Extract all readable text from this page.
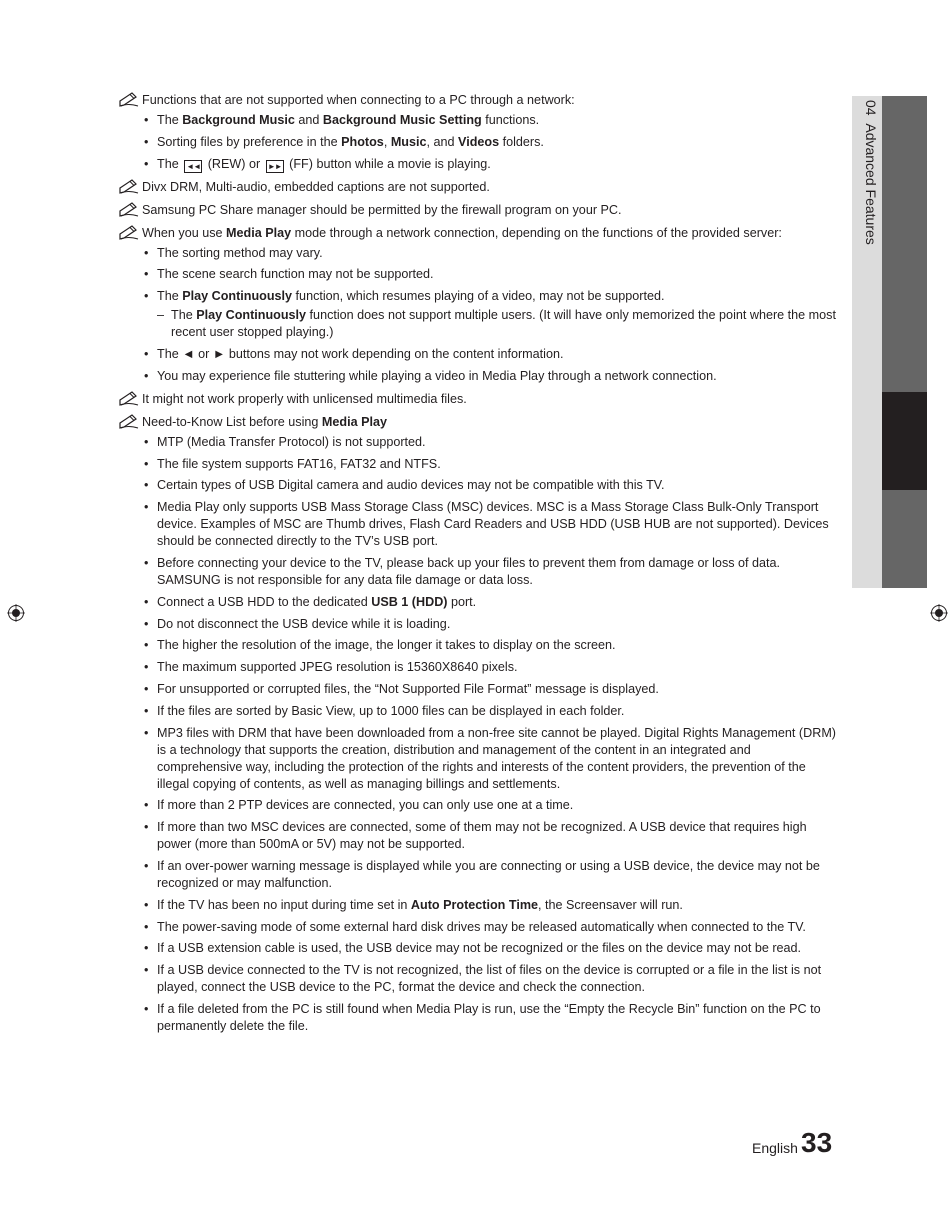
04  Advanced Features
Functions that are not supported when connecting to a PC through a network:
• The Background Music and Background Music Setting functions.
• Sorting files by preference in the Photos, Music, and Videos folders.
• The ◄◄ (REW) or ►► (FF) button while a movie is playing.
Divx DRM, Multi-audio, embedded captions are not supported.
Samsung PC Share manager should be permitted by the firewall program on your PC.
When you use Media Play mode through a network connection, depending on the functions of the provided server:
• The sorting method may vary.
• The scene search function may not be supported.
• The Play Continuously function, which resumes playing of a video, may not be supported.
– The Play Continuously function does not support multiple users. (It will have only memorized the point where the most recent user stopped playing.)
• The ◄ or ► buttons may not work depending on the content information.
• You may experience file stuttering while playing a video in Media Play through a network connection.
It might not work properly with unlicensed multimedia files.
Need-to-Know List before using Media Play
• MTP (Media Transfer Protocol) is not supported.
• The file system supports FAT16, FAT32 and NTFS.
• Certain types of USB Digital camera and audio devices may not be compatible with this TV.
• Media Play only supports USB Mass Storage Class (MSC) devices. MSC is a Mass Storage Class Bulk-Only Transport device. Examples of MSC are Thumb drives, Flash Card Readers and USB HDD (USB HUB are not supported). Devices should be connected directly to the TV’s USB port.
• Before connecting your device to the TV, please back up your files to prevent them from damage or loss of data. SAMSUNG is not responsible for any data file damage or data loss.
• Connect a USB HDD to the dedicated USB 1 (HDD) port.
• Do not disconnect the USB device while it is loading.
• The higher the resolution of the image, the longer it takes to display on the screen.
• The maximum supported JPEG resolution is 15360X8640 pixels.
• For unsupported or corrupted files, the “Not Supported File Format” message is displayed.
• If the files are sorted by Basic View, up to 1000 files can be displayed in each folder.
• MP3 files with DRM that have been downloaded from a non-free site cannot be played. Digital Rights Management (DRM) is a technology that supports the creation, distribution and management of the content in an integrated and comprehensive way, including the protection of the rights and interests of the content providers, the prevention of the illegal copying of contents, as well as managing billings and settlements.
• If more than 2 PTP devices are connected, you can only use one at a time.
• If more than two MSC devices are connected, some of them may not be recognized. A USB device that requires high power (more than 500mA or 5V) may not be supported.
• If an over-power warning message is displayed while you are connecting or using a USB device, the device may not be recognized or may malfunction.
• If the TV has been no input during time set in Auto Protection Time, the Screensaver will run.
• The power-saving mode of some external hard disk drives may be released automatically when connected to the TV.
• If a USB extension cable is used, the USB device may not be recognized or the files on the device may not be read.
• If a USB device connected to the TV is not recognized, the list of files on the device is corrupted or a file in the list is not played, connect the USB device to the PC, format the device and check the connection.
• If a file deleted from the PC is still found when Media Play is run, use the “Empty the Recycle Bin” function on the PC to permanently delete the file.
English 33
